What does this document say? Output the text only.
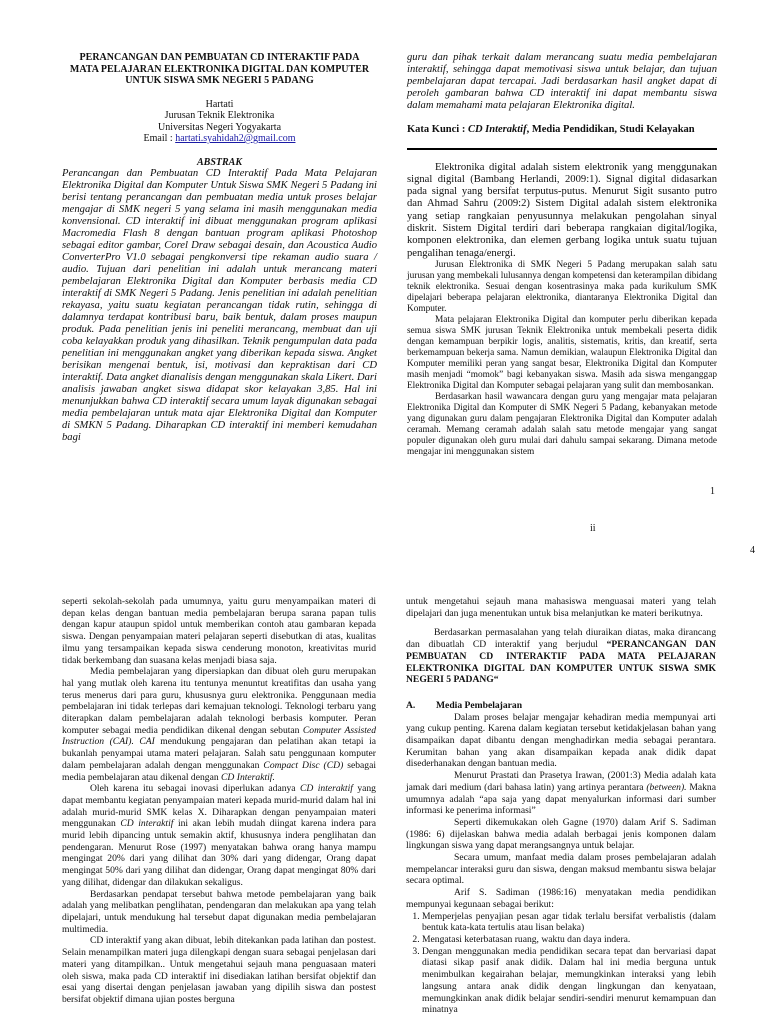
PERANCANGAN DAN PEMBUATAN CD INTERAKTIF PADA
MATA PELAJARAN ELEKTRONIKA DIGITAL DAN KOMPUTER
UNTUK SISWA SMK NEGERI 5 PADANG
Hartati
Jurusan Teknik Elektronika
Universitas Negeri Yogyakarta
Email : hartati.syahidah2@gmail.com
ABSTRAK

Perancangan dan Pembuatan CD Interaktif Pada Mata Pelajaran Elektronika Digital dan Komputer Untuk Siswa SMK Negeri 5 Padang ini berisi tentang perancangan dan pembuatan media untuk proses belajar mengajar di SMK negeri 5 yang selama ini masih menggunakan media konvensional. CD interaktif ini dibuat menggunakan program aplikasi Macromedia Flash 8 dengan bantuan program aplikasi Photoshop sebagai editor gambar, Corel Draw sebagai desain, dan Acoustica Audio ConverterPro V1.0 sebagai pengkonversi tipe rekaman audio suara / audio. Tujuan dari penelitian ini adalah untuk merancang materi pembelajaran Elektronika Digital dan Komputer berbasis media CD interaktif di SMK Negeri 5 Padang. Jenis penelitian ini adalah penelitian rekayasa, yaitu suatu kegiatan perancangan tidak rutin, sehingga di dalamnya terdapat kontribusi baru, baik bentuk, dalam proses maupun produk. Pada penelitian jenis ini peneliti merancang, membuat dan uji coba kelayakkan produk yang dihasilkan. Teknik pengumpulan data pada penelitian ini menggunakan angket yang diberikan kepada siswa. Angket berisikan mengenai bentuk, isi, motivasi dan kepraktisan dari CD interaktif. Data angket dianalisis dengan menggunakan skala Likert. Dari analisis jawaban angket siswa didapat skor kelayakan 3,85. Hal ini menunjukkan bahwa CD interaktif secara umum layak digunakan sebagai media pembelajaran untuk mata ajar Elektronika Digital dan Komputer di SMKN 5 Padang. Diharapkan CD interaktif ini memberi kemudahan bagi

guru dan pihak terkait dalam merancang suatu media pembelajaran interaktif, sehingga dapat memotivasi siswa untuk belajar, dan tujuan pembelajaran dapat tercapai. Jadi berdasarkan hasil angket dapat di peroleh gambaran bahwa CD interaktif ini dapat membantu siswa dalam memahami mata pelajaran Elektronika digital.

Kata Kunci : CD Interaktif, Media Pendidikan, Studi Kelayakan

Elektronika digital adalah sistem elektronik yang menggunakan signal digital (Bambang Herlandi, 2009:1). Signal digital didasarkan pada signal yang bersifat terputus-putus. Menurut Sigit susanto putro dan Ahmad Sahru (2009:2) Sistem Digital adalah sistem elektronika yang setiap rangkaian penyusunnya melakukan pengolahan sinyal diskrit. Sistem Digital terdiri dari beberapa rangkaian digital/logika, komponen elektronika, dan elemen gerbang logika untuk suatu tujuan pengalihan tenaga/energi.

Jurusan Elektronika di SMK Negeri 5 Padang merupakan salah satu jurusan yang membekali lulusannya dengan kompetensi dan keterampilan dibidang teknik elektronika. Sesuai dengan kosentrasinya maka pada kurikulum SMK dipelajari beberapa pelajaran elektronika, diantaranya Elektronika Digital dan Komputer.

Mata pelajaran Elektronika Digital dan komputer perlu diberikan kepada semua siswa SMK jurusan Teknik Elektronika untuk membekali peserta didik dengan kemampuan berpikir logis, analitis, sistematis, kritis, dan kreatif, serta berkemampuan bekerja sama. Namun demikian, walaupun Elektronika Digital dan Komputer memiliki peran yang sangat besar, Elektronika Digital dan Komputer masih menjadi “momok” bagi kebanyakan siswa. Masih ada siswa menganggap Elektronika Digital dan Komputer sebagai pelajaran yang sulit dan membosankan.

Berdasarkan hasil wawancara dengan guru yang mengajar mata pelajaran Elektronika Digital dan Komputer di SMK Negeri 5 Padang, kebanyakan metode yang digunakan guru dalam pengajaran Elektronika Digital dan Komputer adalah ceramah. Memang ceramah adalah salah satu metode mengajar yang sangat populer digunakan oleh guru mulai dari dahulu sampai sekarang. Dimana metode mengajar ini menggunakan sistem

1
ii
4

seperti sekolah-sekolah pada umumnya, yaitu guru menyampaikan materi di depan kelas dengan bantuan media pembelajaran berupa sarana papan tulis dengan kapur ataupun spidol untuk memberikan contoh atau gambaran kepada siswa. Dengan penyampaian materi pelajaran seperti disebutkan di atas, kualitas ilmu yang tersampaikan kepada siswa cenderung monoton, kreativitas murid tidak berkembang dan suasana kelas menjadi biasa saja.

Media pembelajaran yang dipersiapkan dan dibuat oleh guru merupakan hal yang mutlak oleh karena itu tentunya menuntut kreatifitas dan usaha yang terus menerus dari para guru, khususnya guru elektronika. Penggunaan media pembelajaran ini tidak terlepas dari kemajuan teknologi. Teknologi terbaru yang diterapkan dalam pembelajaran adalah teknologi berbasis komputer. Peran komputer sebagai media pendidikan dikenal dengan sebutan Computer Assisted Instruction (CAI). CAI mendukung pengajaran dan pelatihan akan tetapi ia bukanlah penyampai utama materi pelajaran. Salah satu penggunaan komputer dalam pembelajaran adalah dengan menggunakan Compact Disc (CD) sebagai media pembelajaran atau dikenal dengan CD Interaktif.

Oleh karena itu sebagai inovasi diperlukan adanya CD interaktif yang dapat membantu kegiatan penyampaian materi kepada murid-murid dalam hal ini adalah murid-murid SMK kelas X. Diharapkan dengan penyampaian materi menggunakan CD interaktif ini akan lebih mudah diingat karena indera para murid lebih dipancing untuk semakin aktif, khususnya indera penglihatan dan pendengaran. Menurut Rose (1997) menyatakan bahwa orang hanya mampu mengingat 20% dari yang dilihat dan 30% dari yang didengar, Orang dapat mengingat 50% dari yang dilihat dan didengar, Orang dapat mengingat 80% dari yang dilihat, didengar dan dilakukan sekaligus.

Berdasarkan pendapat tersebut bahwa metode pembelajaran yang baik adalah yang melibatkan penglihatan, pendengaran dan melakukan apa yang telah dipelajari, untuk mendukung hal tersebut dapat digunakan media pembelajaran multimedia.

CD interaktif yang akan dibuat, lebih ditekankan pada latihan dan postest. Selain menampilkan materi juga dilengkapi dengan suara sebagai penjelasan dari materi yang ditampilkan.. Untuk mengetahui sejauh mana penguasaan materi oleh siswa, maka pada CD interaktif ini disediakan latihan bersifat objektif dan esai yang disertai dengan penjelasan jawaban yang dipilih siswa dan postest bersifat objektif dimana ujian postes berguna

untuk mengetahui sejauh mana mahasiswa menguasai materi yang telah dipelajari dan juga menentukan untuk bisa melanjutkan ke materi berikutnya.

Berdasarkan permasalahan yang telah diuraikan diatas, maka dirancang dan dibuatlah CD interaktif yang berjudul “PERANCANGAN DAN PEMBUATAN CD INTERAKTIF PADA MATA PELAJARAN ELEKTRONIKA DIGITAL DAN KOMPUTER UNTUK SISWA SMK NEGERI 5 PADANG“

A. Media Pembelajaran

Dalam proses belajar mengajar kehadiran media mempunyai arti yang cukup penting. Karena dalam kegiatan tersebut ketidakjelasan bahan yang disampaikan dapat dibantu dengan menghadirkan media sebagai perantara. Kerumitan bahan yang akan disampaikan kepada anak didik dapat disederhanakan dengan bantuan media.

Menurut Prastati dan Prasetya Irawan, (2001:3) Media adalah kata jamak dari medium (dari bahasa latin) yang artinya perantara (between). Makna umumnya adalah “apa saja yang dapat menyalurkan informasi dari sumber informasi ke penerima informasi”

Seperti dikemukakan oleh Gagne (1970) dalam Arif S. Sadiman (1986: 6) dijelaskan bahwa media adalah berbagai jenis komponen dalam lingkungan siswa yang dapat merangsangnya untuk belajar.

Secara umum, manfaat media dalam proses pembelajaran adalah mempelancar interaksi guru dan siswa, dengan maksud membantu siswa belajar secara optimal.

Arif S. Sadiman (1986:16) menyatakan media pendidikan mempunyai kegunaan sebagai berikut:

1. Memperjelas penyajian pesan agar tidak terlalu bersifat verbalistis (dalam bentuk kata-kata tertulis atau lisan belaka)
2. Mengatasi keterbatasan ruang, waktu dan daya indera.
3. Dengan menggunakan media pendidikan secara tepat dan bervariasi dapat diatasi sikap pasif anak didik. Dalam hal ini media berguna untuk menimbulkan kegairahan belajar, memungkinkan interaksi yang lebih langsung antara anak didik dengan lingkungan dan kenyataan, memungkinkan anak didik belajar sendiri-sendiri menurut kemampuan dan minatnya
